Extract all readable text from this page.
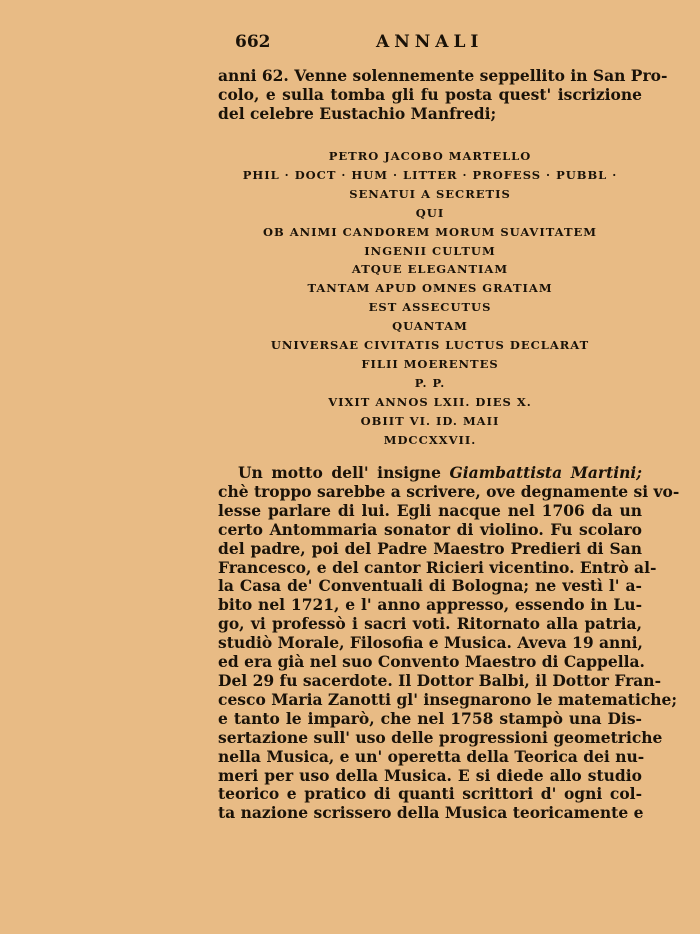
662	ANNALI
anni 62. Venne solennemente seppellito in San Pro-
colo, e sulla tomba gli fu posta quest' iscrizione
del celebre Eustachio Manfredi;
PETRO JACOBO MARTELLO
PHIL · DOCT · HUM · LITTER · PROFESS · PUBBL ·
SENATUI A SECRETIS
QUI
OB ANIMI CANDOREM MORUM SUAVITATEM
INGENII CULTUM
ATQUE ELEGANTIAM
TANTAM APUD OMNES GRATIAM
EST ASSECUTUS
QUANTAM
UNIVERSAE CIVITATIS LUCTUS DECLARAT
FILII MOERENTES
P. P.
VIXIT ANNOS LXII. DIES X.
OBIIT VI. ID. MAII
MDCCXXVII.
Un motto dell' insigne Giambattista Martini;
chè troppo sarebbe a scrivere, ove degnamente si vo-
lesse parlare di lui. Egli nacque nel 1706 da un
certo Antommaria sonator di violino. Fu scolaro
del padre, poi del Padre Maestro Predieri di San
Francesco, e del cantor Ricieri vicentino. Entrò al-
la Casa de' Conventuali di Bologna; ne vestì l' a-
bito nel 1721, e l' anno appresso, essendo in Lu-
go, vi professò i sacri voti. Ritornato alla patria,
studiò Morale, Filosofia e Musica. Aveva 19 anni,
ed era già nel suo Convento Maestro di Cappella.
Del 29 fu sacerdote. Il Dottor Balbi, il Dottor Fran-
cesco Maria Zanotti gl' insegnarono le matematiche;
e tanto le imparò, che nel 1758 stampò una Dis-
sertazione sull' uso delle progressioni geometriche
nella Musica, e un' operetta della Teorica dei nu-
meri per uso della Musica. E si diede allo studio
teorico e pratico di quanti scrittori d' ogni col-
ta nazione scrissero della Musica teoricamente e
